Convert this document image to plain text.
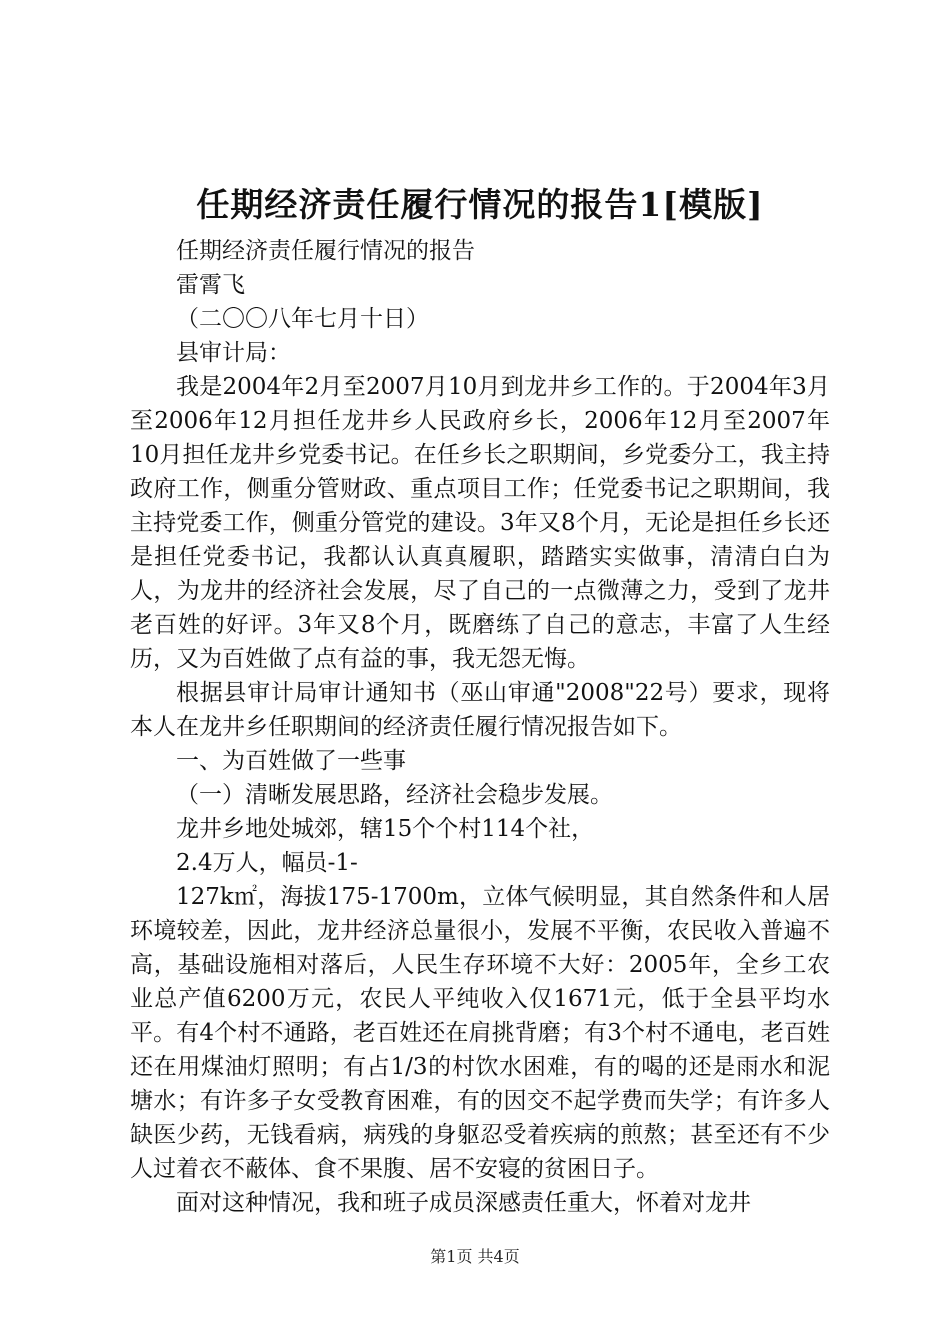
任期经济责任履行情况的报告1[模版]

任期经济责任履行情况的报告

雷霄飞

（二〇〇八年七月十日）

县审计局：

我是2004年2月至2007月10月到龙井乡工作的。于2004年3月至2006年12月担任龙井乡人民政府乡长，2006年12月至2007年10月担任龙井乡党委书记。在任乡长之职期间，乡党委分工，我主持政府工作，侧重分管财政、重点项目工作；任党委书记之职期间，我主持党委工作，侧重分管党的建设。3年又8个月，无论是担任乡长还是担任党委书记，我都认认真真履职，踏踏实实做事，清清白白为人，为龙井的经济社会发展，尽了自己的一点微薄之力，受到了龙井老百姓的好评。3年又8个月，既磨练了自己的意志，丰富了人生经历，又为百姓做了点有益的事，我无怨无悔。

根据县审计局审计通知书（巫山审通"2008"22号）要求，现将本人在龙井乡任职期间的经济责任履行情况报告如下。

一、为百姓做了一些事

（一）清晰发展思路，经济社会稳步发展。

龙井乡地处城郊，辖15个个村114个社，

2.4万人，幅员-1-

127k㎡，海拔175-1700m，立体气候明显，其自然条件和人居环境较差，因此，龙井经济总量很小，发展不平衡，农民收入普遍不高，基础设施相对落后，人民生存环境不大好：2005年，全乡工农业总产值6200万元，农民人平纯收入仅1671元，低于全县平均水平。有4个村不通路，老百姓还在肩挑背磨；有3个村不通电，老百姓还在用煤油灯照明；有占1/3的村饮水困难，有的喝的还是雨水和泥塘水；有许多子女受教育困难，有的因交不起学费而失学；有许多人缺医少药，无钱看病，病残的身躯忍受着疾病的煎熬；甚至还有不少人过着衣不蔽体、食不果腹、居不安寝的贫困日子。

面对这种情况，我和班子成员深感责任重大，怀着对龙井

第1页 共4页
